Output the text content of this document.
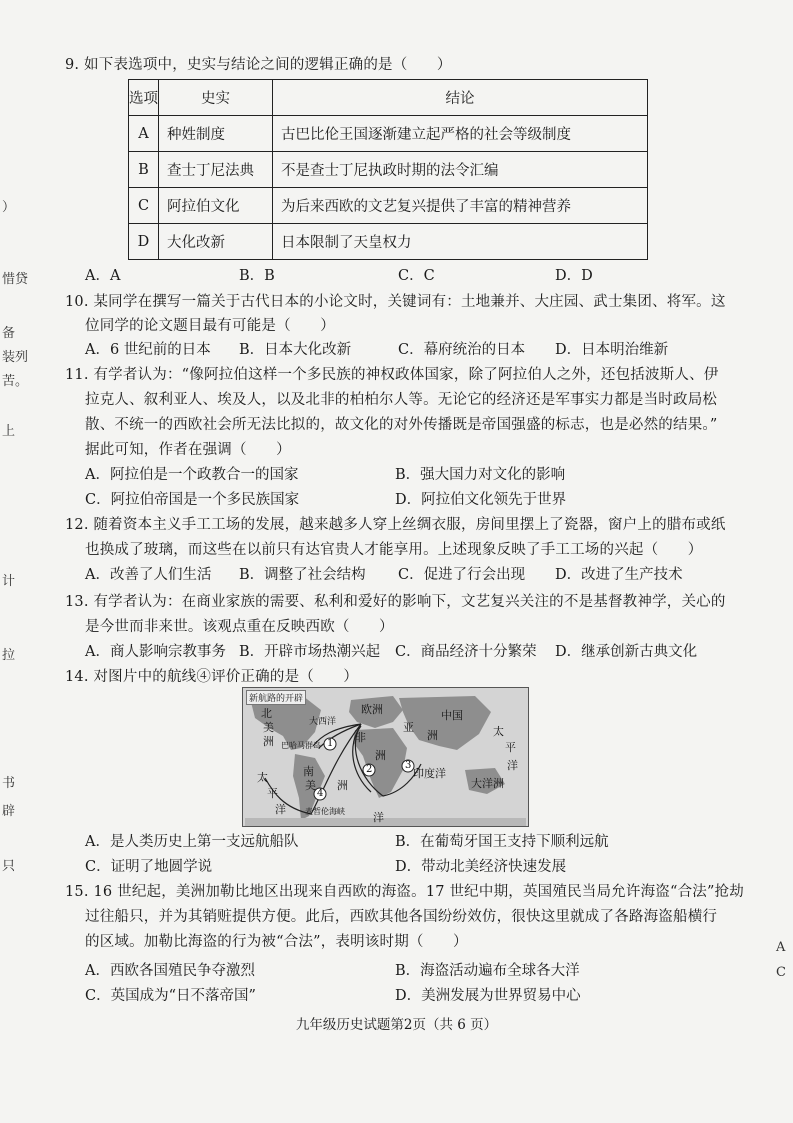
）
惜贷
备
装列
苦。
上
计
拉
书
辟
只
A
C
9. 如下表选项中，史实与结论之间的逻辑正确的是（　　）
选项	史实	结论
A	种姓制度	古巴比伦王国逐渐建立起严格的社会等级制度
B	查士丁尼法典	不是查士丁尼执政时期的法令汇编
C	阿拉伯文化	为后来西欧的文艺复兴提供了丰富的精神营养
D	大化改新	日本限制了天皇权力
A．A	B．B	C．C	D．D
10. 某同学在撰写一篇关于古代日本的小论文时，关键词有：土地兼并、大庄园、武士集团、将军。这
位同学的论文题目最有可能是（　　）
A．6 世纪前的日本 B．日本大化改新	C．幕府统治的日本 D．日本明治维新
11. 有学者认为：“像阿拉伯这样一个多民族的神权政体国家，除了阿拉伯人之外，还包括波斯人、伊
拉克人、叙利亚人、埃及人，以及北非的柏柏尔人等。无论它的经济还是军事实力都是当时政局松
散、不统一的西欧社会所无法比拟的，故文化的对外传播既是帝国强盛的标志，也是必然的结果。”
据此可知，作者在强调（　　）
A．阿拉伯是一个政教合一的国家	B．强大国力对文化的影响
C．阿拉伯帝国是一个多民族国家	D．阿拉伯文化领先于世界
12. 随着资本主义手工工场的发展，越来越多人穿上丝绸衣服，房间里摆上了瓷器，窗户上的腊布或纸
也换成了玻璃，而这些在以前只有达官贵人才能享用。上述现象反映了手工工场的兴起（　　）
A．改善了人们生活 B．调整了社会结构 C．促进了行会出现 D．改进了生产技术
13. 有学者认为：在商业家族的需要、私利和爱好的影响下，文艺复兴关注的不是基督教神学，关心的
是今世而非来世。该观点重在反映西欧（　　）
A．商人影响宗教事务 B．开辟市场热潮兴起 C．商品经济十分繁荣 D．继承创新古典文化
14. 对图片中的航线④评价正确的是（　　）
新航路的开辟
北
美
洲
大西洋
巴哈马群岛
南
美 洲
太
平
洋
欧洲
非
洲
亚
洲
中国
印度洋
大洋洲
太
平
洋
麦哲伦海峡	洋
1
2	3
4
A．是人类历史上第一支远航船队	B．在葡萄牙国王支持下顺利远航
C．证明了地圆学说	D．带动北美经济快速发展
15. 16 世纪起，美洲加勒比地区出现来自西欧的海盗。17 世纪中期，英国殖民当局允许海盗“合法”抢劫
过往船只，并为其销赃提供方便。此后，西欧其他各国纷纷效仿，很快这里就成了各路海盗船横行
的区域。加勒比海盗的行为被“合法”，表明该时期（　　）
A．西欧各国殖民争夺激烈	B．海盗活动遍布全球各大洋
C．英国成为“日不落帝国”	D．美洲发展为世界贸易中心
九年级历史试题第2页（共 6 页）
